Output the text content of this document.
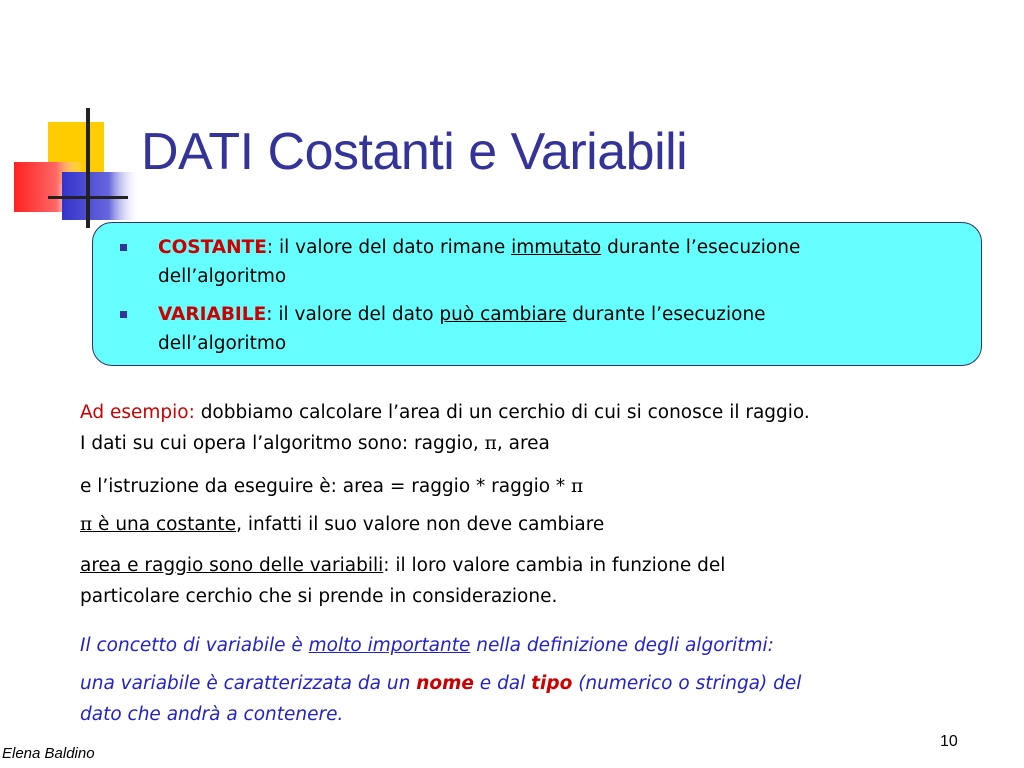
DATI Costanti e Variabili
COSTANTE: il valore del dato rimane immutato durante l’esecuzione
dell’algoritmo
VARIABILE: il valore del dato può cambiare durante l’esecuzione
dell’algoritmo
Ad esempio: dobbiamo calcolare l’area di un cerchio di cui si conosce il raggio.
I dati su cui opera l’algoritmo sono: raggio, π, area
e l’istruzione da eseguire è: area = raggio * raggio * π
π è una costante, infatti il suo valore non deve cambiare
area e raggio sono delle variabili: il loro valore cambia in funzione del
particolare cerchio che si prende in considerazione.
Il concetto di variabile è molto importante nella definizione degli algoritmi:
una variabile è caratterizzata da un nome e dal tipo (numerico o stringa) del
dato che andrà a contenere.
Elena Baldino
10
